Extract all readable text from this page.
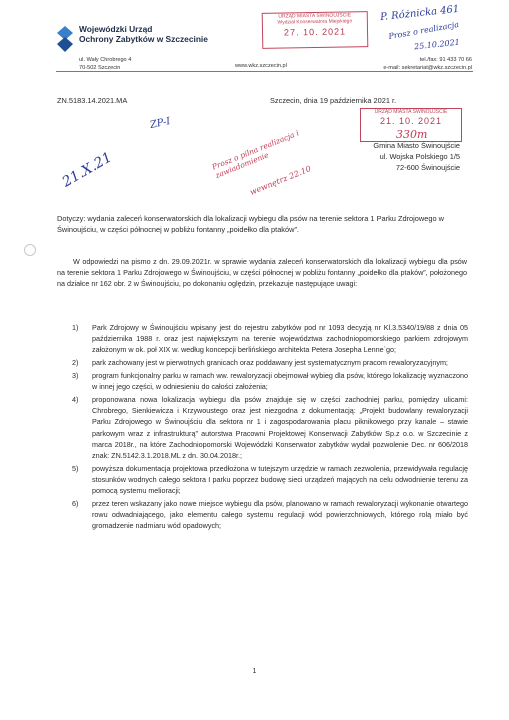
Wojewódzki Urząd
Ochrony Zabytków w Szczecinie
ul. Wały Chrobrego 4
70-502 Szczecin	www.wkz.szczecin.pl
tel./fax: 91 433 70 66
e-mail: sekretariat@wkz.szczecin.pl
URZĄD MIASTA ŚWINOUJŚCIE
Wydział Konserwatora Miejskiego
27. 10. 2021
URZĄD MIASTA ŚWINOUJŚCIE
21. 10. 2021
P. Różnicka 461
Prosz o realizacja
25.10.2021
ZP-I
21.X.21	Prosz o pilna realizacja i zawiadomienie
wewnętrz 22.10
330m
ZN.5183.14.2021.MA	Szczecin, dnia 19 października 2021 r.
Gmina Miasto Świnoujście
ul. Wojska Polskiego 1/5
72-600 Świnoujście
Dotyczy: wydania zaleceń konserwatorskich dla lokalizacji wybiegu dla psów na terenie sektora 1 Parku Zdrojowego w Świnoujściu, w części północnej w pobliżu fontanny „poidełko dla ptaków”.
W odpowiedzi na pismo z dn. 29.09.2021r. w sprawie wydania zaleceń konserwatorskich dla lokalizacji wybiegu dla psów na terenie sektora 1 Parku Zdrojowego w Świnoujściu, w części północnej w pobliżu fontanny „poidełko dla ptaków”, położonego na działce nr 162 obr. 2 w Świnoujściu, po dokonaniu oględzin, przekazuje następujące uwagi:
1) Park Zdrojowy w Świnoujściu wpisany jest do rejestru zabytków pod nr 1093 decyzją nr Kl.3.5340/19/88 z dnia 05 października 1988 r. oraz jest największym na terenie województwa zachodniopomorskiego parkiem zdrojowym założonym w ok. poł XIX w. według koncepcji berlińskiego architekta Petera Josepha Lenne`go;
2) park zachowany jest w pierwotnych granicach oraz poddawany jest systematycznym pracom rewaloryzacyjnym;
3) program funkcjonalny parku w ramach ww. rewaloryzacji obejmował wybieg dla psów, którego lokalizację wyznaczono w innej jego części, w odniesieniu do całości założenia;
4) proponowana nowa lokalizacja wybiegu dla psów znajduje się w części zachodniej parku, pomiędzy ulicami: Chrobrego, Sienkiewicza i Krzywoustego oraz jest niezgodna z dokumentacją: „Projekt budowlany rewaloryzacji Parku Zdrojowego w Świnoujściu dla sektora nr 1 i zagospodarowania placu piknikowego przy kanale – stawie parkowym wraz z infrastrukturą” autorstwa Pracowni Projektowej Konserwacji Zabytków Sp.z o.o. w Szczecinie z marca 2018r., na które Zachodniopomorski Wojewódzki Konserwator zabytków wydał pozwolenie Dec. nr 606/2018 znak: ZN.5142.3.1.2018.ML z dn. 30.04.2018r.;
5) powyższa dokumentacja projektowa przedłożona w tutejszym urzędzie w ramach zezwolenia, przewidywała regulację stosunków wodnych całego sektora I parku poprzez budowę sieci urządzeń mających na celu odwodnienie terenu za pomocą systemu melioracji;
6) przez teren wskazany jako nowe miejsce wybiegu dla psów, planowano w ramach rewaloryzacji wykonanie otwartego rowu odwadniającego, jako elementu całego systemu regulacji wód powierzchniowych, którego rolą miało być gromadzenie nadmiaru wód opadowych;
1
